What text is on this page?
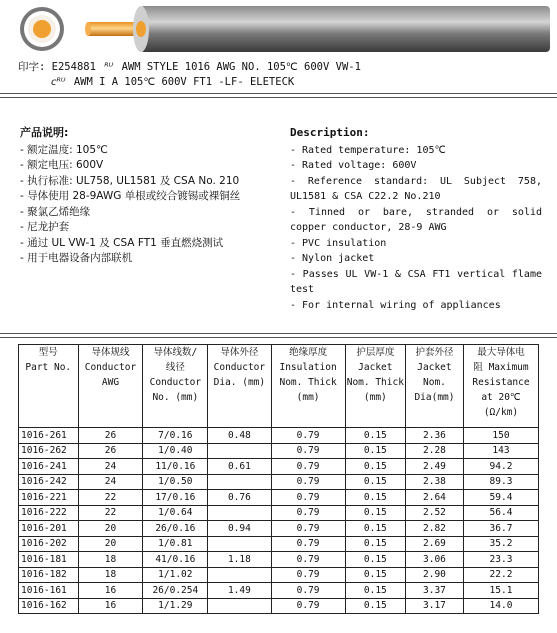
印字: E254881 ᴿᵁ AWM STYLE 1016 AWG NO. 105℃ 600V VW-1
cᴿᵁ AWM I A 105℃ 600V FT1 -LF- ELETECK
产品说明:
- 额定温度: 105℃
- 额定电压: 600V
- 执行标准: UL758, UL1581 及 CSA No. 210
- 导体使用 28-9AWG 单根或绞合镀锡或裸铜丝
- 聚氯乙烯绝缘
- 尼龙护套
- 通过 UL VW-1 及 CSA FT1 垂直燃烧测试
- 用于电器设备内部联机
Description:
- Rated temperature: 105℃
- Rated voltage: 600V
- Reference standard: UL Subject 758, UL1581 & CSA C22.2 No.210
- Tinned or bare, stranded or solid copper conductor, 28-9 AWG
- PVC insulation
- Nylon jacket
- Passes UL VW-1 & CSA FT1 vertical flame test
- For internal wiring of appliances
型号
Part No.	导体规线
Conductor
AWG	导体线数/
线径
Conductor
No. (mm)	导体外径
Conductor
Dia. (mm)	绝缘厚度
Insulation
Nom. Thick
(mm)	护层厚度
Jacket
Nom. Thick
(mm)	护套外径
Jacket
Nom.
Dia(mm)	最大导体电
阻 Maximum
Resistance
at 20℃
(Ω/km)
1016-261	26	7/0.16	0.48	0.79	0.15	2.36	150
1016-262	26	1/0.40		0.79	0.15	2.28	143
1016-241	24	11/0.16	0.61	0.79	0.15	2.49	94.2
1016-242	24	1/0.50		0.79	0.15	2.38	89.3
1016-221	22	17/0.16	0.76	0.79	0.15	2.64	59.4
1016-222	22	1/0.64		0.79	0.15	2.52	56.4
1016-201	20	26/0.16	0.94	0.79	0.15	2.82	36.7
1016-202	20	1/0.81		0.79	0.15	2.69	35.2
1016-181	18	41/0.16	1.18	0.79	0.15	3.06	23.3
1016-182	18	1/1.02		0.79	0.15	2.90	22.2
1016-161	16	26/0.254	1.49	0.79	0.15	3.37	15.1
1016-162	16	1/1.29		0.79	0.15	3.17	14.0
